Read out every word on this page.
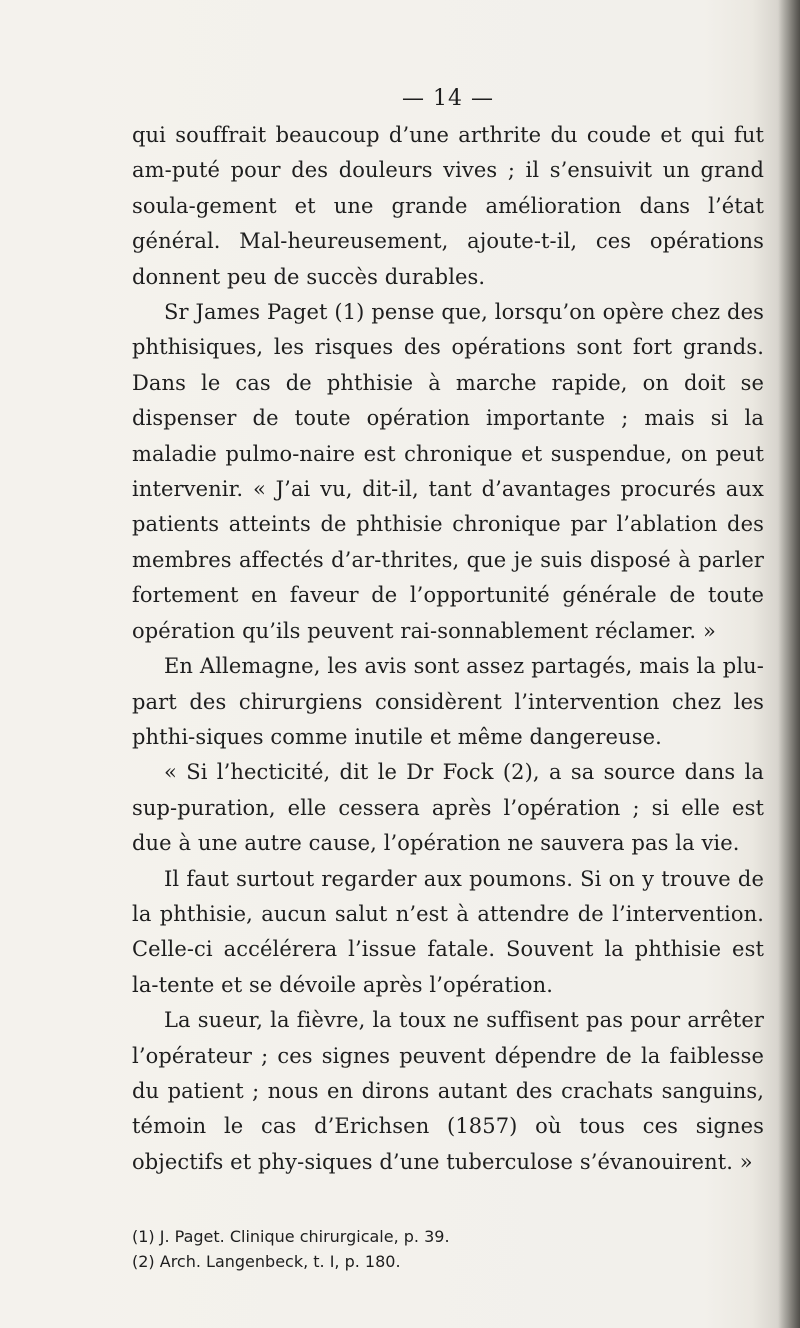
— 14 —

qui souffrait beaucoup d’une arthrite du coude et qui fut am-puté pour des douleurs vives ; il s’ensuivit un grand soula-gement et une grande amélioration dans l’état général. Mal-heureusement, ajoute-t-il, ces opérations donnent peu de succès durables.

Sr James Paget (1) pense que, lorsqu’on opère chez des phthisiques, les risques des opérations sont fort grands. Dans le cas de phthisie à marche rapide, on doit se dispenser de toute opération importante ; mais si la maladie pulmo-naire est chronique et suspendue, on peut intervenir. « J’ai vu, dit-il, tant d’avantages procurés aux patients atteints de phthisie chronique par l’ablation des membres affectés d’ar-thrites, que je suis disposé à parler fortement en faveur de l’opportunité générale de toute opération qu’ils peuvent rai-sonnablement réclamer. »

En Allemagne, les avis sont assez partagés, mais la plu-part des chirurgiens considèrent l’intervention chez les phthi-siques comme inutile et même dangereuse.

« Si l’hecticité, dit le Dr Fock (2), a sa source dans la sup-puration, elle cessera après l’opération ; si elle est due à une autre cause, l’opération ne sauvera pas la vie.

Il faut surtout regarder aux poumons. Si on y trouve de la phthisie, aucun salut n’est à attendre de l’intervention. Celle-ci accélérera l’issue fatale. Souvent la phthisie est la-tente et se dévoile après l’opération.

La sueur, la fièvre, la toux ne suffisent pas pour arrêter l’opérateur ; ces signes peuvent dépendre de la faiblesse du patient ; nous en dirons autant des crachats sanguins, témoin le cas d’Erichsen (1857) où tous ces signes objectifs et phy-siques d’une tuberculose s’évanouirent. »

(1) J. Paget. Clinique chirurgicale, p. 39.
(2) Arch. Langenbeck, t. I, p. 180.
